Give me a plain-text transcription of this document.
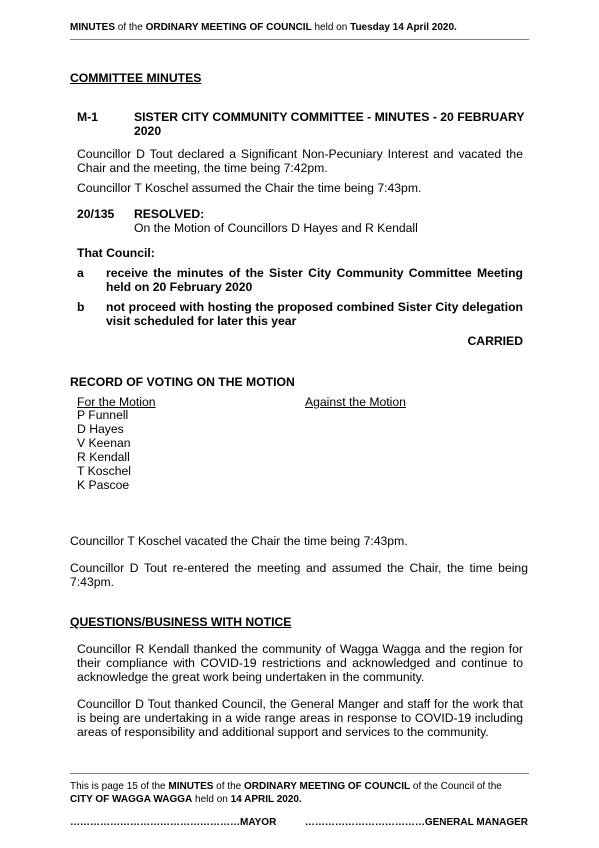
MINUTES of the ORDINARY MEETING OF COUNCIL held on Tuesday 14 April 2020.
COMMITTEE MINUTES
M-1	SISTER CITY COMMUNITY COMMITTEE - MINUTES - 20 FEBRUARY 2020
Councillor D Tout declared a Significant Non-Pecuniary Interest and vacated the Chair and the meeting, the time being 7:42pm.
Councillor T Koschel assumed the Chair the time being 7:43pm.
20/135 RESOLVED:
On the Motion of Councillors D Hayes and R Kendall
That Council:
a receive the minutes of the Sister City Community Committee Meeting held on 20 February 2020
b not proceed with hosting the proposed combined Sister City delegation visit scheduled for later this year
CARRIED
RECORD OF VOTING ON THE MOTION
For the Motion	Against the Motion
P Funnell
D Hayes
V Keenan
R Kendall
T Koschel
K Pascoe
Councillor T Koschel vacated the Chair the time being 7:43pm.
Councillor D Tout re-entered the meeting and assumed the Chair, the time being 7:43pm.
QUESTIONS/BUSINESS WITH NOTICE
Councillor R Kendall thanked the community of Wagga Wagga and the region for their compliance with COVID-19 restrictions and acknowledged and continue to acknowledge the great work being undertaken in the community.
Councillor D Tout thanked Council, the General Manger and staff for the work that is being are undertaking in a wide range areas in response to COVID-19 including areas of responsibility and additional support and services to the community.
This is page 15 of the MINUTES of the ORDINARY MEETING OF COUNCIL of the Council of the
CITY OF WAGGA WAGGA held on 14 APRIL 2020.
……………………………………………MAYOR	………………………………GENERAL MANAGER
